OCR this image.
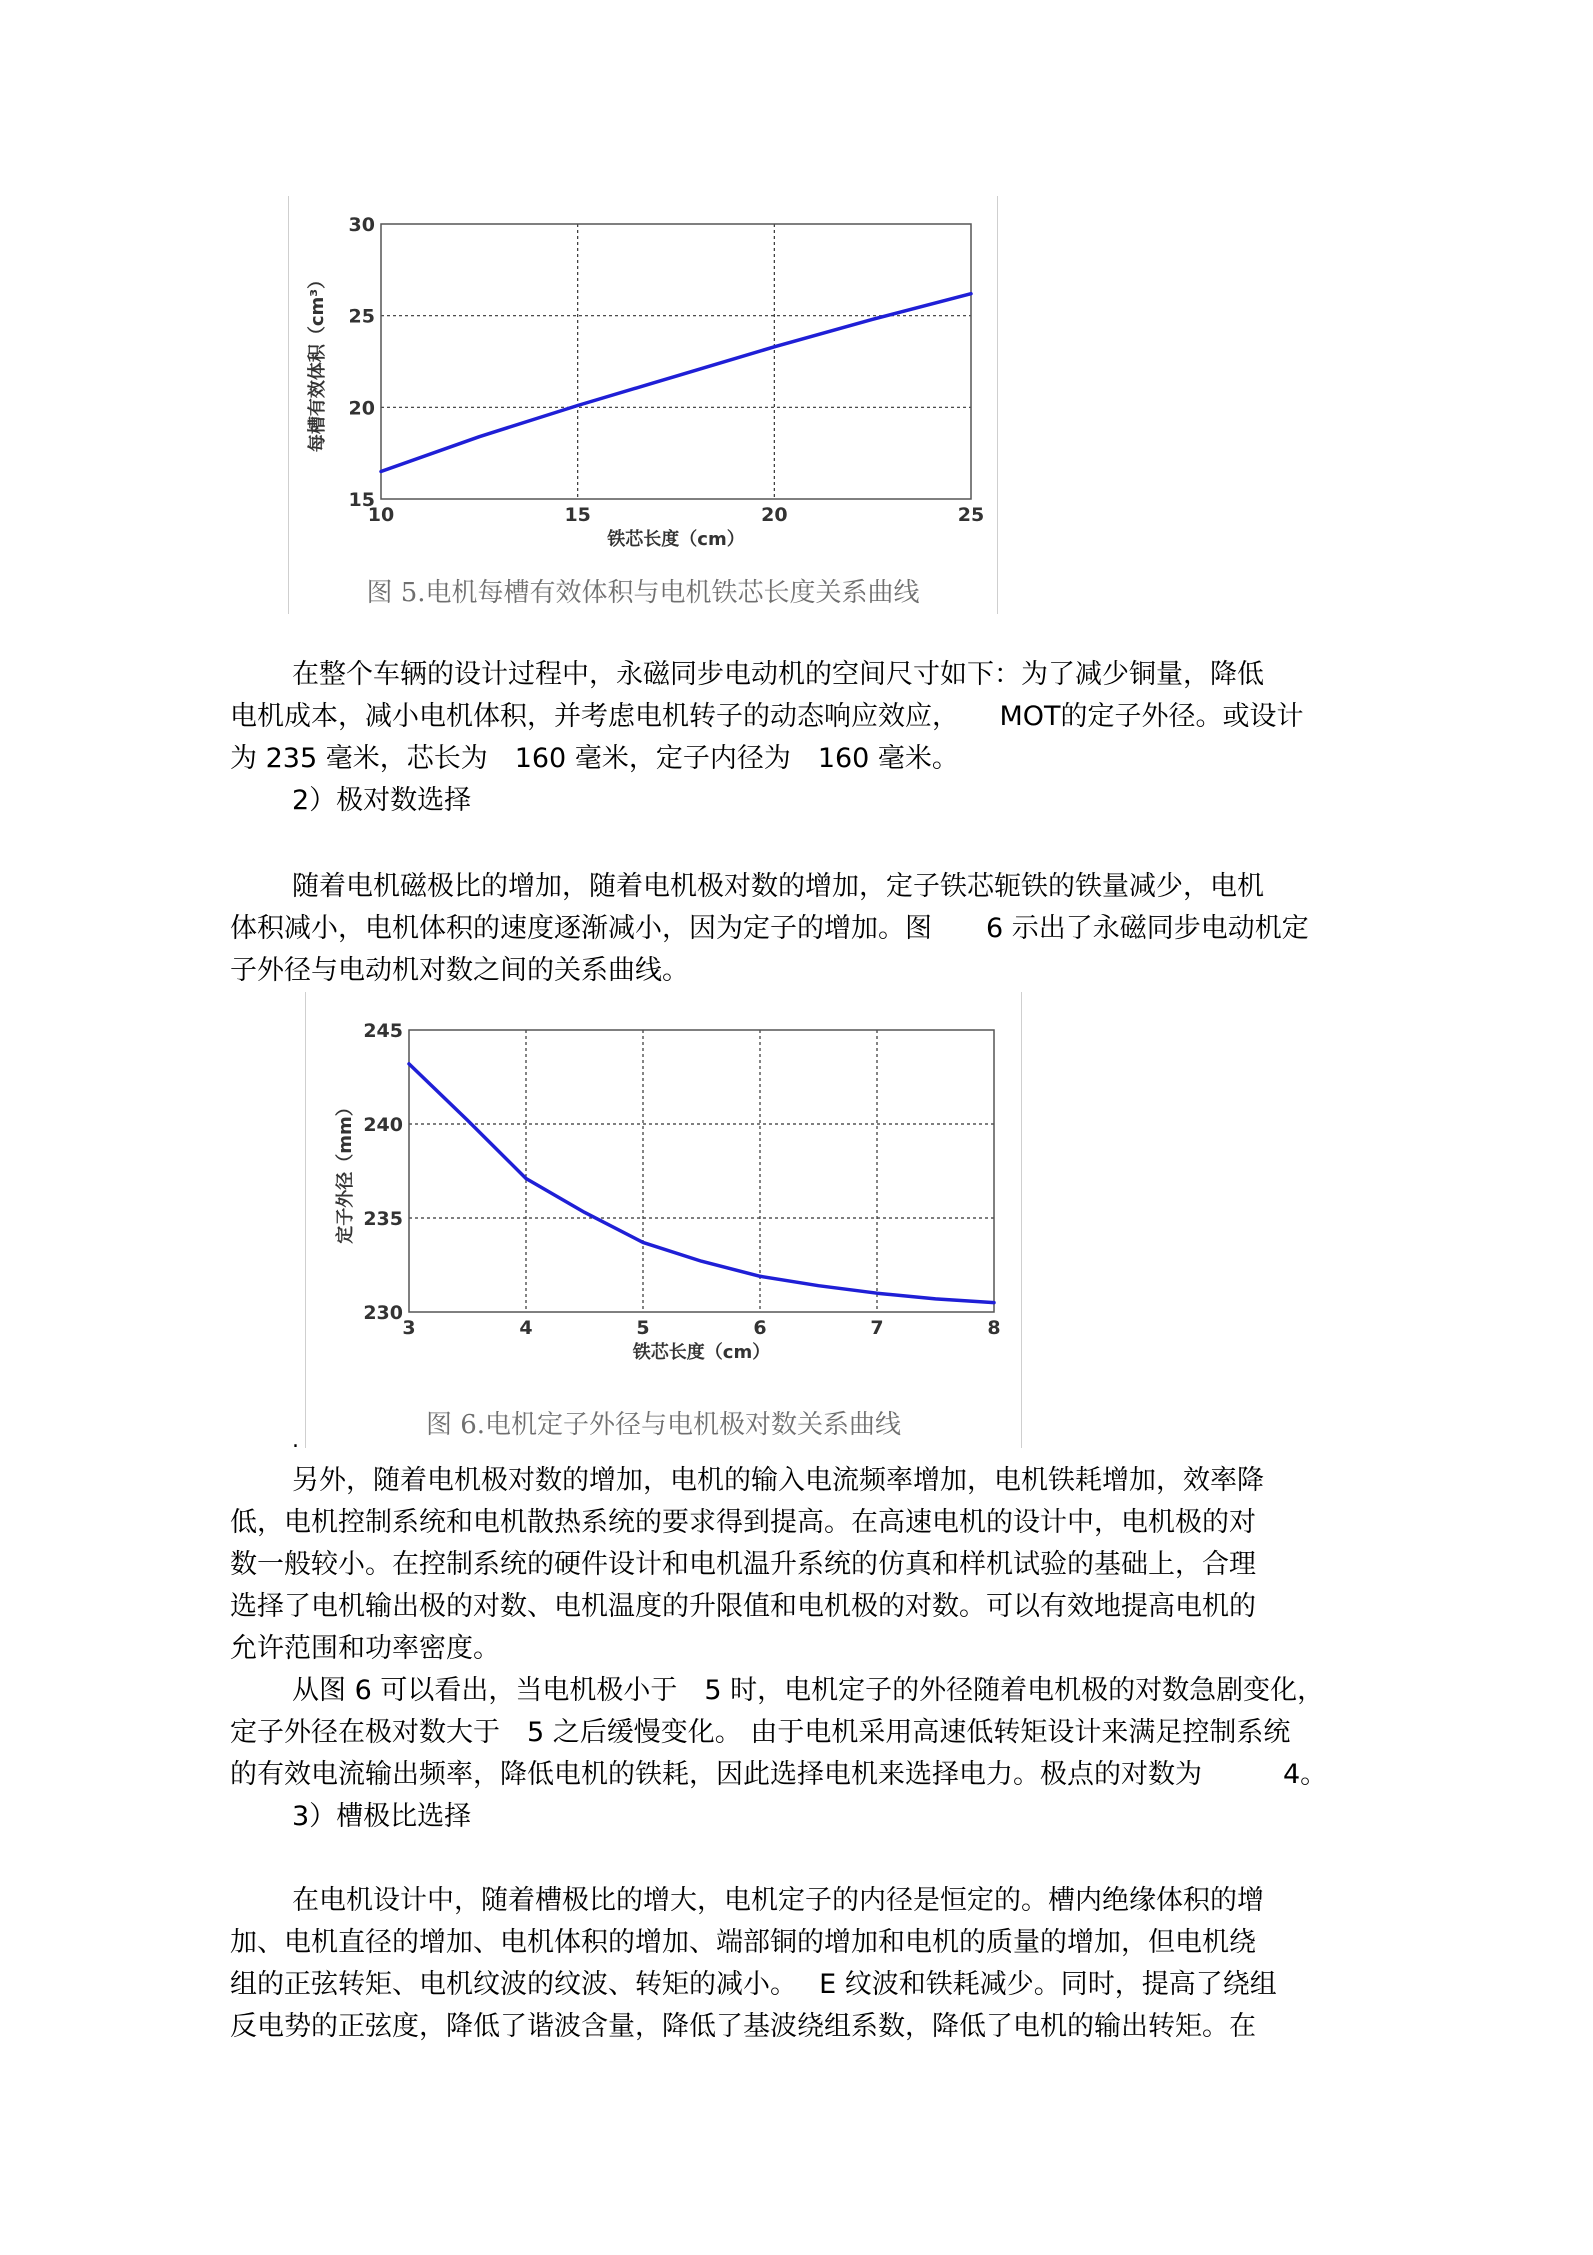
10	15	20	25
15
20
25
30
铁芯长度（cm）
每槽有效体积（cm³）
图 5.电机每槽有效体积与电机铁芯长度关系曲线
在整个车辆的设计过程中，永磁同步电动机的空间尺寸如下：为了减少铜量，降低
电机成本，减小电机体积，并考虑电机转子的动态响应效应，　　MOT的定子外径。或设计
为 235 毫米，芯长为　160 毫米，定子内径为　160 毫米。
2）极对数选择
随着电机磁极比的增加，随着电机极对数的增加，定子铁芯轭铁的铁量减少，电机
体积减小，电机体积的速度逐渐减小，因为定子的增加。图　　6 示出了永磁同步电动机定
子外径与电动机对数之间的关系曲线。
3	4	5	6	7	8
230
235
240
245
铁芯长度（cm）
定子外径（mm）
图 6.电机定子外径与电机极对数关系曲线
.
另外，随着电机极对数的增加，电机的输入电流频率增加，电机铁耗增加，效率降
低，电机控制系统和电机散热系统的要求得到提高。在高速电机的设计中，电机极的对
数一般较小。在控制系统的硬件设计和电机温升系统的仿真和样机试验的基础上，合理
选择了电机输出极的对数、电机温度的升限值和电机极的对数。可以有效地提高电机的
允许范围和功率密度。
从图 6 可以看出，当电机极小于　5 时，电机定子的外径随着电机极的对数急剧变化，
定子外径在极对数大于　5 之后缓慢变化。 由于电机采用高速低转矩设计来满足控制系统
的有效电流输出频率，降低电机的铁耗，因此选择电机来选择电力。极点的对数为　　　4。
3）槽极比选择
在电机设计中，随着槽极比的增大，电机定子的内径是恒定的。槽内绝缘体积的增
加、电机直径的增加、电机体积的增加、端部铜的增加和电机的质量的增加，但电机绕
组的正弦转矩、电机纹波的纹波、转矩的减小。　 E 纹波和铁耗减少。同时，提高了绕组
反电势的正弦度，降低了谐波含量，降低了基波绕组系数，降低了电机的输出转矩。在
